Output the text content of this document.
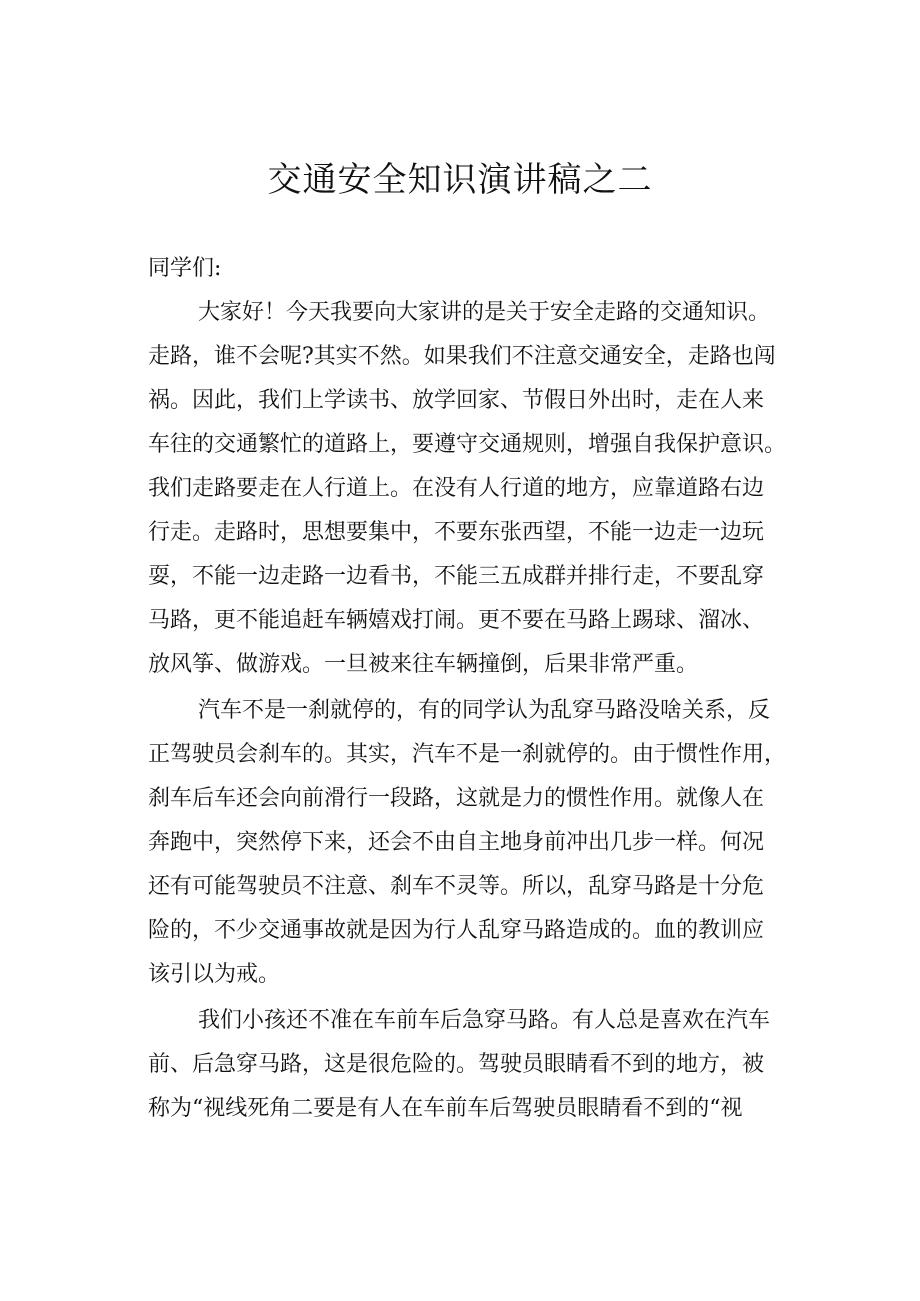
交通安全知识演讲稿之二
同学们:
大家好！今天我要向大家讲的是关于安全走路的交通知识。
走路，谁不会呢?其实不然。如果我们不注意交通安全，走路也闯
祸。因此，我们上学读书、放学回家、节假日外出时，走在人来
车往的交通繁忙的道路上，要遵守交通规则，增强自我保护意识。
我们走路要走在人行道上。在没有人行道的地方，应靠道路右边
行走。走路时，思想要集中，不要东张西望，不能一边走一边玩
耍，不能一边走路一边看书，不能三五成群并排行走，不要乱穿
马路，更不能追赶车辆嬉戏打闹。更不要在马路上踢球、溜冰、
放风筝、做游戏。一旦被来往车辆撞倒，后果非常严重。
汽车不是一刹就停的，有的同学认为乱穿马路没啥关系，反
正驾驶员会刹车的。其实，汽车不是一刹就停的。由于惯性作用，
刹车后车还会向前滑行一段路，这就是力的惯性作用。就像人在
奔跑中，突然停下来，还会不由自主地身前冲出几步一样。何况
还有可能驾驶员不注意、刹车不灵等。所以，乱穿马路是十分危
险的，不少交通事故就是因为行人乱穿马路造成的。血的教训应
该引以为戒。
我们小孩还不准在车前车后急穿马路。有人总是喜欢在汽车
前、后急穿马路，这是很危险的。驾驶员眼睛看不到的地方，被
称为“视线死角二要是有人在车前车后驾驶员眼睛看不到的“视
